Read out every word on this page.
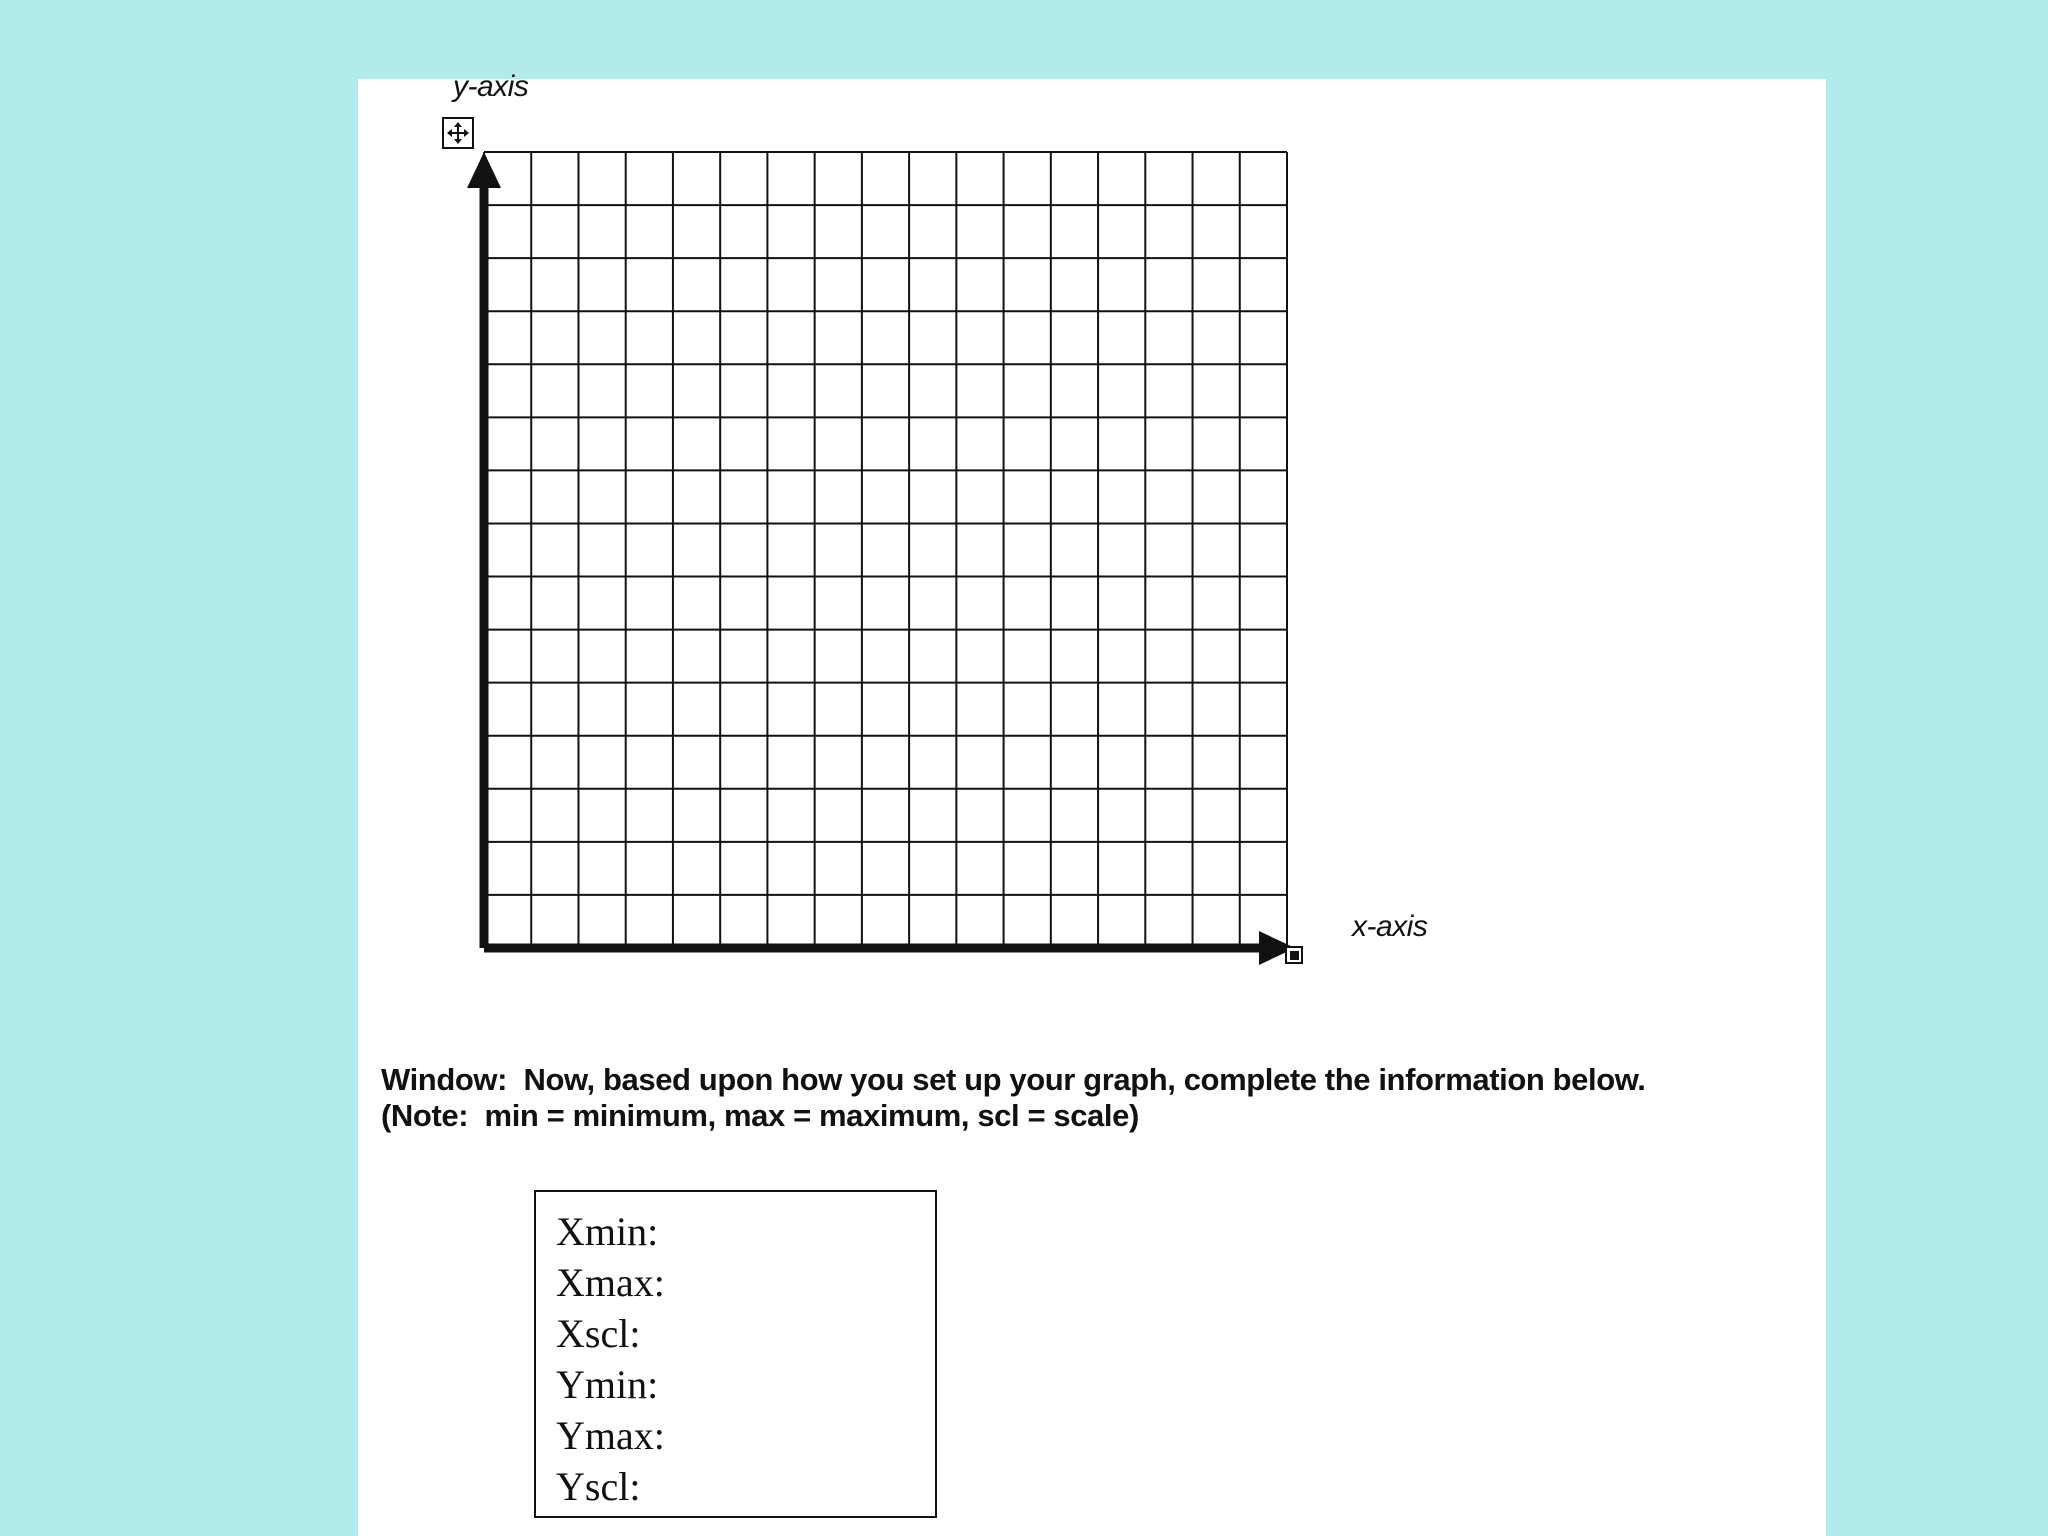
y-axis
x-axis
Window:  Now, based upon how you set up your graph, complete the information below.
(Note:  min = minimum, max = maximum, scl = scale)
Xmin:
Xmax:
Xscl:
Ymin:
Ymax:
Yscl:
